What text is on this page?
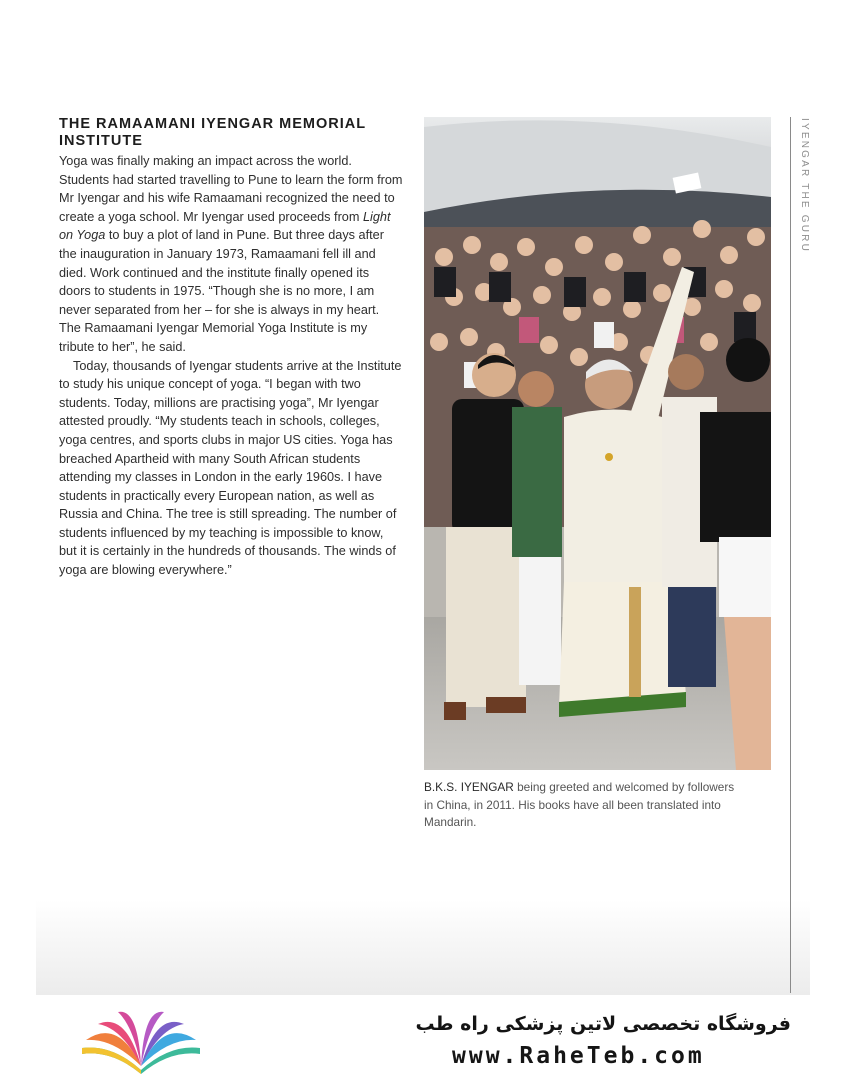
THE RAMAAMANI IYENGAR MEMORIAL INSTITUTE

Yoga was finally making an impact across the world. Students had started travelling to Pune to learn the form from Mr Iyengar and his wife Ramaamani recognized the need to create a yoga school. Mr Iyengar used proceeds from Light on Yoga to buy a plot of land in Pune. But three days after the inauguration in January 1973, Ramaamani fell ill and died. Work continued and the institute finally opened its doors to students in 1975. “Though she is no more, I am never separated from her – for she is always in my heart. The Ramaamani Iyengar Memorial Yoga Institute is my tribute to her”, he said.

Today, thousands of Iyengar students arrive at the Institute to study his unique concept of yoga. “I began with two students. Today, millions are practising yoga”, Mr Iyengar attested proudly. “My students teach in schools, colleges, yoga centres, and sports clubs in major US cities. Yoga has breached Apartheid with many South African students attending my classes in London in the early 1960s. I have students in practically every European nation, as well as Russia and China. The tree is still spreading. The number of students influenced by my teaching is impossible to know, but it is certainly in the hundreds of thousands. The winds of yoga are blowing everywhere.”

B.K.S. IYENGAR being greeted and welcomed by followers in China, in 2011. His books have all been translated into Mandarin.

IYENGAR THE GURU
فروشگاه تخصصی لاتین پزشکی راه طب
www.RaheTeb.com
